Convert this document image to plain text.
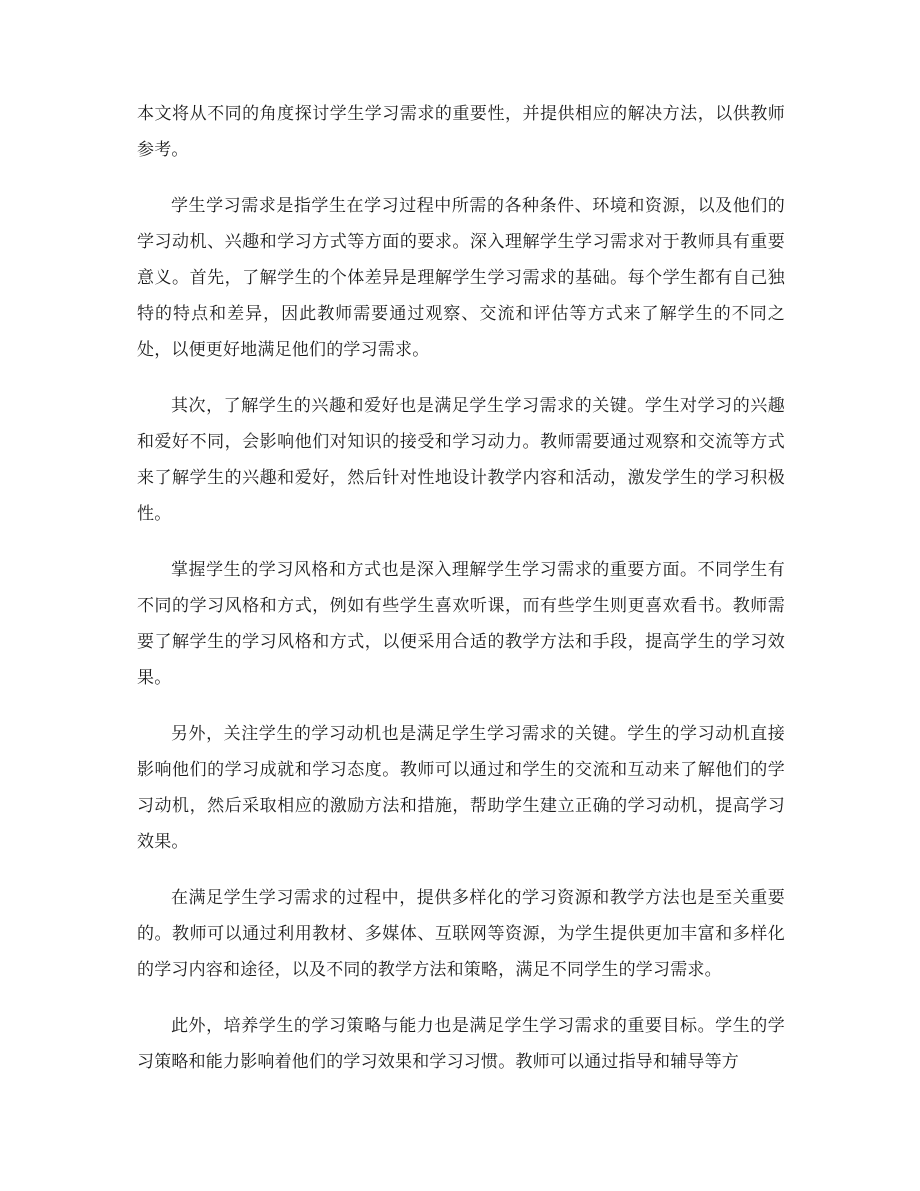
本文将从不同的角度探讨学生学习需求的重要性，并提供相应的解决方法，以供教师参考。

学生学习需求是指学生在学习过程中所需的各种条件、环境和资源，以及他们的学习动机、兴趣和学习方式等方面的要求。深入理解学生学习需求对于教师具有重要意义。首先，了解学生的个体差异是理解学生学习需求的基础。每个学生都有自己独特的特点和差异，因此教师需要通过观察、交流和评估等方式来了解学生的不同之处，以便更好地满足他们的学习需求。

其次，了解学生的兴趣和爱好也是满足学生学习需求的关键。学生对学习的兴趣和爱好不同，会影响他们对知识的接受和学习动力。教师需要通过观察和交流等方式来了解学生的兴趣和爱好，然后针对性地设计教学内容和活动，激发学生的学习积极性。

掌握学生的学习风格和方式也是深入理解学生学习需求的重要方面。不同学生有不同的学习风格和方式，例如有些学生喜欢听课，而有些学生则更喜欢看书。教师需要了解学生的学习风格和方式，以便采用合适的教学方法和手段，提高学生的学习效果。

另外，关注学生的学习动机也是满足学生学习需求的关键。学生的学习动机直接影响他们的学习成就和学习态度。教师可以通过和学生的交流和互动来了解他们的学习动机，然后采取相应的激励方法和措施，帮助学生建立正确的学习动机，提高学习效果。

在满足学生学习需求的过程中，提供多样化的学习资源和教学方法也是至关重要的。教师可以通过利用教材、多媒体、互联网等资源，为学生提供更加丰富和多样化的学习内容和途径，以及不同的教学方法和策略，满足不同学生的学习需求。

此外，培养学生的学习策略与能力也是满足学生学习需求的重要目标。学生的学习策略和能力影响着他们的学习效果和学习习惯。教师可以通过指导和辅导等方
